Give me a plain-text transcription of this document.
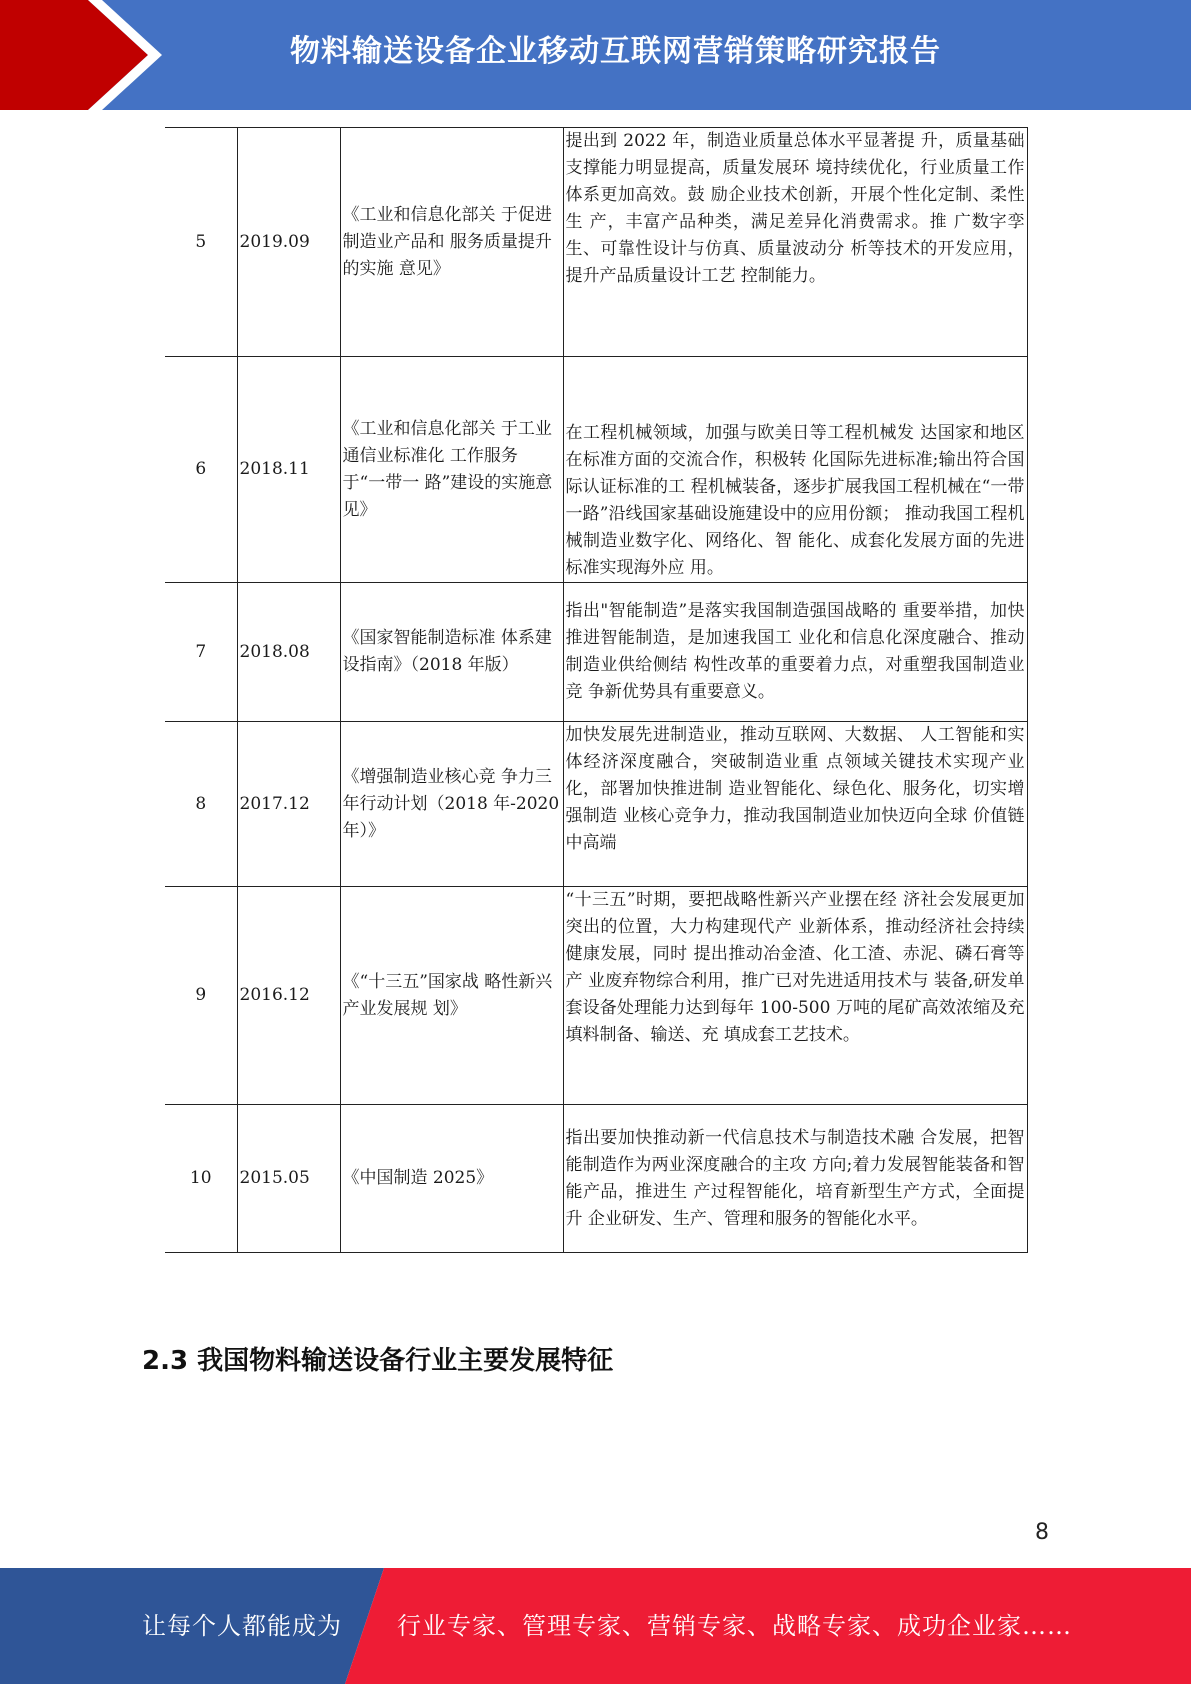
物料输送设备企业移动互联网营销策略研究报告
5	2019.09	《工业和信息化部关 于促进制造业产品和 服务质量提升的实施 意见》	提出到 2022 年，制造业质量总体水平显著提 升，质量基础支撑能力明显提高，质量发展环 境持续优化，行业质量工作体系更加高效。鼓 励企业技术创新，开展个性化定制、柔性生 产，丰富产品种类，满足差异化消费需求。推 广数字孪生、可靠性设计与仿真、质量波动分 析等技术的开发应用，提升产品质量设计工艺 控制能力。
6	2018.11	《工业和信息化部关 于工业通信业标准化 工作服务于“一带一 路”建设的实施意 见》	在工程机械领域，加强与欧美日等工程机械发 达国家和地区在标准方面的交流合作，积极转 化国际先进标准;输出符合国际认证标准的工 程机械装备，逐步扩展我国工程机械在“一带 一路”沿线国家基础设施建设中的应用份额； 推动我国工程机械制造业数字化、网络化、智 能化、成套化发展方面的先进标准实现海外应 用。
7	2018.08	《国家智能制造标准 体系建设指南》（2018 年版）	指出"智能制造”是落实我国制造强国战略的 重要举措，加快推进智能制造，是加速我国工 业化和信息化深度融合、推动制造业供给侧结 构性改革的重要着力点，对重塑我国制造业竞 争新优势具有重要意义。
8	2017.12	《增强制造业核心竞 争力三年行动计划（2018 年-2020 年）》	加快发展先进制造业，推动互联网、大数据、 人工智能和实体经济深度融合，突破制造业重 点领域关键技术实现产业化，部署加快推进制 造业智能化、绿色化、服务化，切实增强制造 业核心竞争力，推动我国制造业加快迈向全球 价值链中高端
9	2016.12	《“十三五”国家战 略性新兴产业发展规 划》	“十三五”时期，要把战略性新兴产业摆在经 济社会发展更加突出的位置，大力构建现代产 业新体系，推动经济社会持续健康发展，同时 提出推动冶金渣、化工渣、赤泥、磷石膏等产 业废弃物综合利用，推广已对先进适用技术与 装备,研发单套设备处理能力达到每年 100-500 万吨的尾矿高效浓缩及充填料制备、输送、充 填成套工艺技术。
10	2015.05	《中国制造 2025》	指出要加快推动新一代信息技术与制造技术融 合发展，把智能制造作为两业深度融合的主攻 方向;着力发展智能装备和智能产品，推进生 产过程智能化，培育新型生产方式，全面提升 企业研发、生产、管理和服务的智能化水平。
2.3 我国物料输送设备行业主要发展特征
8
让每个人都能成为 行业专家、管理专家、营销专家、战略专家、成功企业家……
